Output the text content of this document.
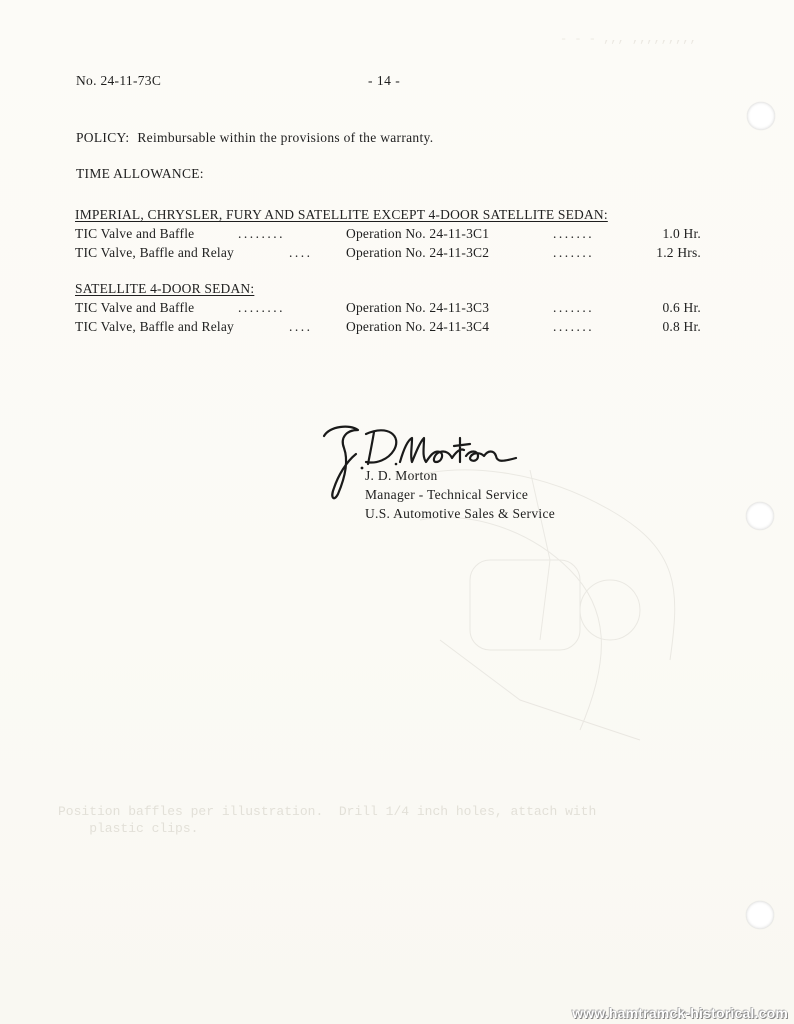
- - - ,,, ,,,,,,,,,
No. 24-11-73C	- 14 -
POLICY: Reimbursable within the provisions of the warranty.
TIME ALLOWANCE:
IMPERIAL, CHRYSLER, FURY AND SATELLITE EXCEPT 4-DOOR SATELLITE SEDAN:
TIC Valve and Baffle	........	Operation No. 24-11-3C1	.......	1.0 Hr.
TIC Valve, Baffle and Relay	.... Operation No. 24-11-3C2	.......	1.2 Hrs.
SATELLITE 4-DOOR SEDAN:
TIC Valve and Baffle	........	Operation No. 24-11-3C3	.......	0.6 Hr.
TIC Valve, Baffle and Relay	.... Operation No. 24-11-3C4	.......	0.8 Hr.
J. D. Morton
Manager - Technical Service
U.S. Automotive Sales & Service
Position baffles per illustration.  Drill 1/4 inch holes, attach with
plastic clips.
www.hamtramck-historical.com
